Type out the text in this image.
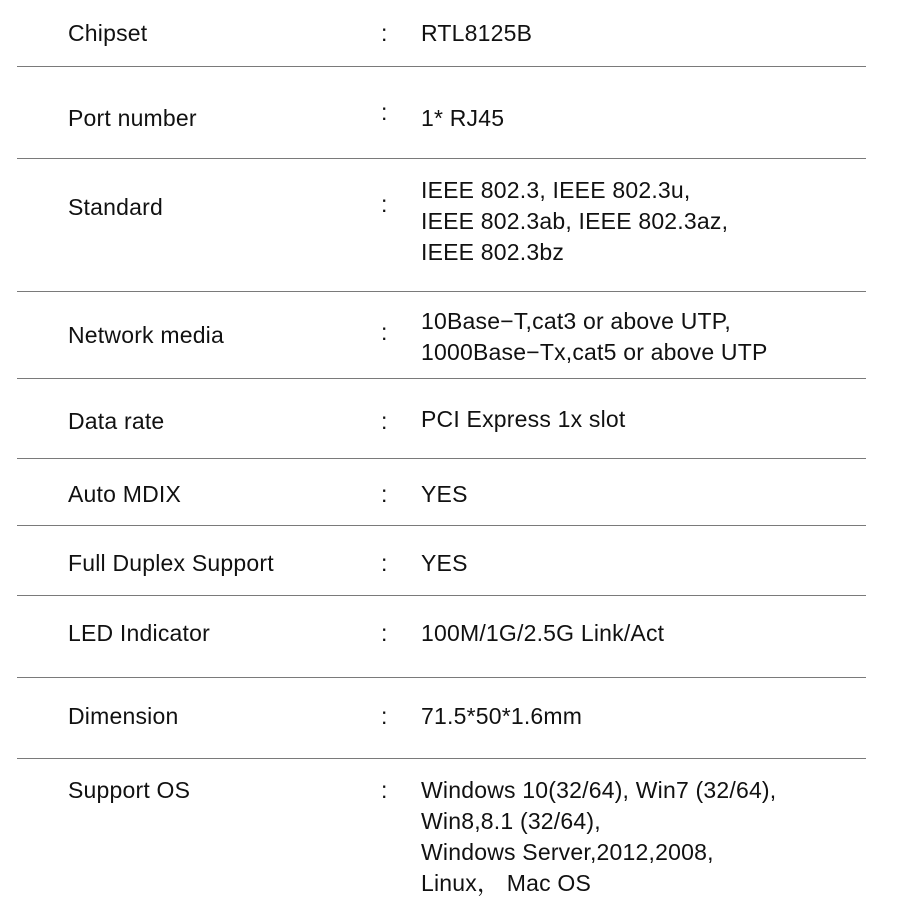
Chipset	: RTL8125B
Port number	: 1* RJ45
Standard	:
IEEE 802.3, IEEE 802.3u,
IEEE 802.3ab, IEEE 802.3az,
IEEE 802.3bz
Network media	: 10Base−T,cat3 or above UTP,
1000Base−Tx,cat5 or above UTP
Data rate	: PCI Express 1x slot
Auto MDIX	: YES
Full Duplex Support	: YES
LED Indicator	: 100M/1G/2.5G Link/Act
Dimension	: 71.5*50*1.6mm
Support OS	: Windows 10(32/64), Win7 (32/64),
Win8,8.1 (32/64),
Windows Server,2012,2008,
Linux， Mac OS
